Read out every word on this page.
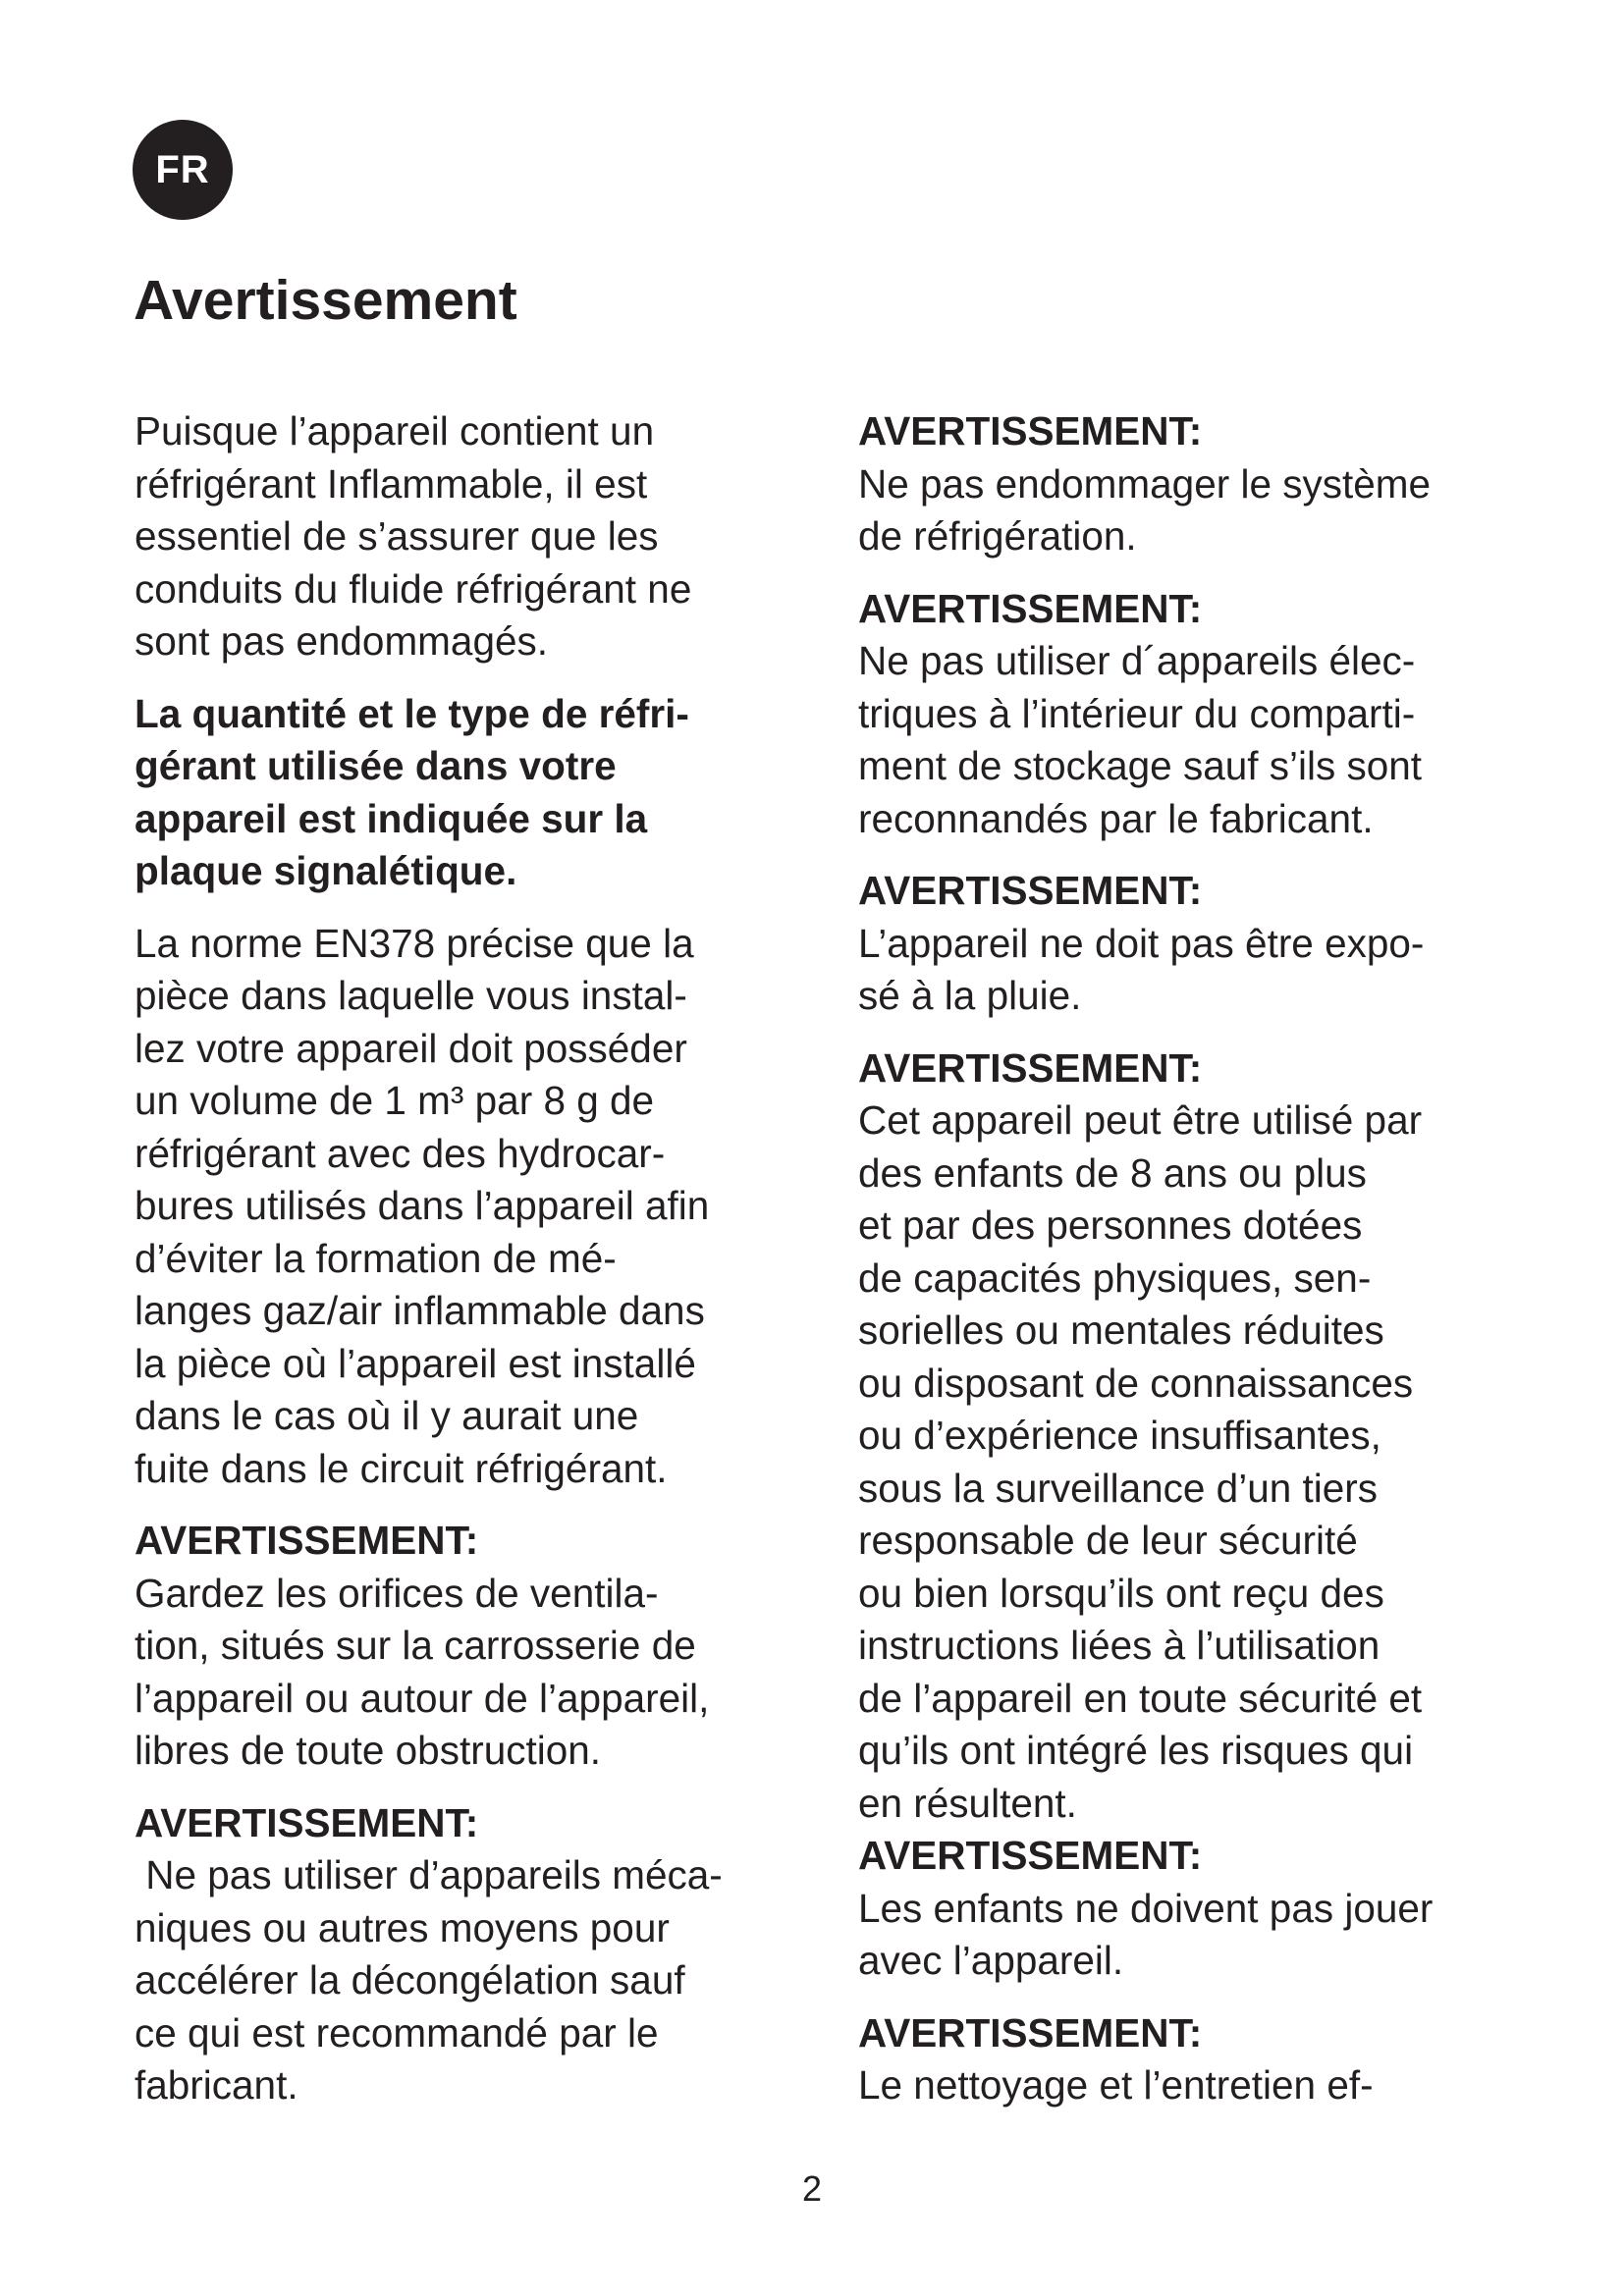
FR
Avertissement
Puisque l’appareil contient un
réfrigérant Inflammable, il est
essentiel de s’assurer que les
conduits du fluide réfrigérant ne
sont pas endommagés.
La quantité et le type de réfri-
gérant utilisée dans votre
appareil est indiquée sur la
plaque signalétique.
La norme EN378 précise que la
pièce dans laquelle vous instal-
lez votre appareil doit posséder
un volume de 1 m³ par 8 g de
réfrigérant avec des hydrocar-
bures utilisés dans l’appareil afin
d’éviter la formation de mé-
langes gaz/air inflammable dans
la pièce où l’appareil est installé
dans le cas où il y aurait une
fuite dans le circuit réfrigérant.
AVERTISSEMENT:
Gardez les orifices de ventila-
tion, situés sur la carrosserie de
l’appareil ou autour de l’appareil,
libres de toute obstruction.
AVERTISSEMENT:
Ne pas utiliser d’appareils méca-
niques ou autres moyens pour
accélérer la décongélation sauf
ce qui est recommandé par le
fabricant.
AVERTISSEMENT:
Ne pas endommager le système
de réfrigération.
AVERTISSEMENT:
Ne pas utiliser d´appareils élec-
triques à l’intérieur du comparti-
ment de stockage sauf s’ils sont
reconnandés par le fabricant.
AVERTISSEMENT:
L’appareil ne doit pas être expo-
sé à la pluie.
AVERTISSEMENT:
Cet appareil peut être utilisé par
des enfants de 8 ans ou plus
et par des personnes dotées
de capacités physiques, sen-
sorielles ou mentales réduites
ou disposant de connaissances
ou d’expérience insuffisantes,
sous la surveillance d’un tiers
responsable de leur sécurité
ou bien lorsqu’ils ont reçu des
instructions liées à l’utilisation
de l’appareil en toute sécurité et
qu’ils ont intégré les risques qui
en résultent.
AVERTISSEMENT:
Les enfants ne doivent pas jouer
avec l’appareil.
AVERTISSEMENT:
Le nettoyage et l’entretien ef-
2
